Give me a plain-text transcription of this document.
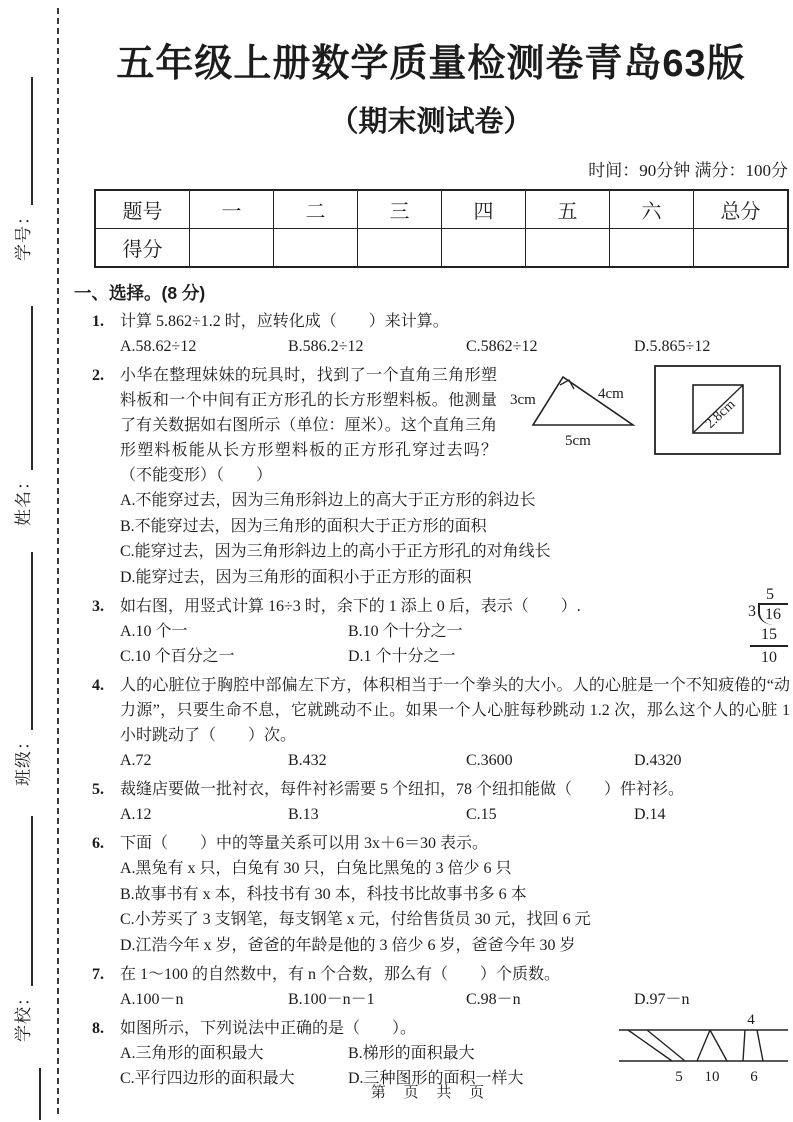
学号：
姓名：
班级：
学校：
五年级上册数学质量检测卷青岛63版
（期末测试卷）
时间：90分钟 满分：100分
题号	一	二	三	四	五	六	总分
得分							
一、选择。(8 分)
1. 计算 5.862÷1.2 时，应转化成（　　）来计算。
A.58.62÷12	B.586.2÷12	C.5862÷12	D.5.865÷12
2.
3cm	4cm
5cm
2.8cm
小华在整理妹妹的玩具时，找到了一个直角三角形塑料板和一个中间有正方形孔的长方形塑料板。他测量了有关数据如右图所示（单位：厘米）。这个直角三角形塑料板能从长方形塑料板的正方形孔穿过去吗？（不能变形）（　　）
A.不能穿过去，因为三角形斜边上的高大于正方形的斜边长
B.不能穿过去，因为三角形的面积大于正方形的面积
C.能穿过去，因为三角形斜边上的高小于正方形孔的对角线长
D.能穿过去，因为三角形的面积小于正方形的面积
3.
5
3 16
15
10
如右图，用竖式计算 16÷3 时，余下的 1 添上 0 后，表示（　　）.
A.10 个一	B.10 个十分之一
C.10 个百分之一	D.1 个十分之一
4. 人的心脏位于胸腔中部偏左下方，体积相当于一个拳头的大小。人的心脏是一个不知疲倦的“动力源”，只要生命不息，它就跳动不止。如果一个人心脏每秒跳动 1.2 次，那么这个人的心脏 1 小时跳动了（　　）次。
A.72	B.432	C.3600	D.4320
5. 裁缝店要做一批衬衣，每件衬衫需要 5 个纽扣，78 个纽扣能做（　　）件衬衫。
A.12	B.13	C.15	D.14
6. 下面（　　）中的等量关系可以用 3x＋6＝30 表示。
A.黑兔有 x 只，白兔有 30 只，白兔比黑兔的 3 倍少 6 只
B.故事书有 x 本，科技书有 30 本，科技书比故事书多 6 本
C.小芳买了 3 支钢笔，每支钢笔 x 元，付给售货员 30 元，找回 6 元
D.江浩今年 x 岁，爸爸的年龄是他的 3 倍少 6 岁，爸爸今年 30 岁
7. 在 1～100 的自然数中，有 n 个合数，那么有（　　）个质数。
A.100－n	B.100－n－1	C.98－n	D.97－n
8.	4
5 10 6
如图所示，下列说法中正确的是（　　）。
A.三角形的面积最大	B.梯形的面积最大
C.平行四边形的面积最大	D.三种图形的面积一样大
第 页 共 页
